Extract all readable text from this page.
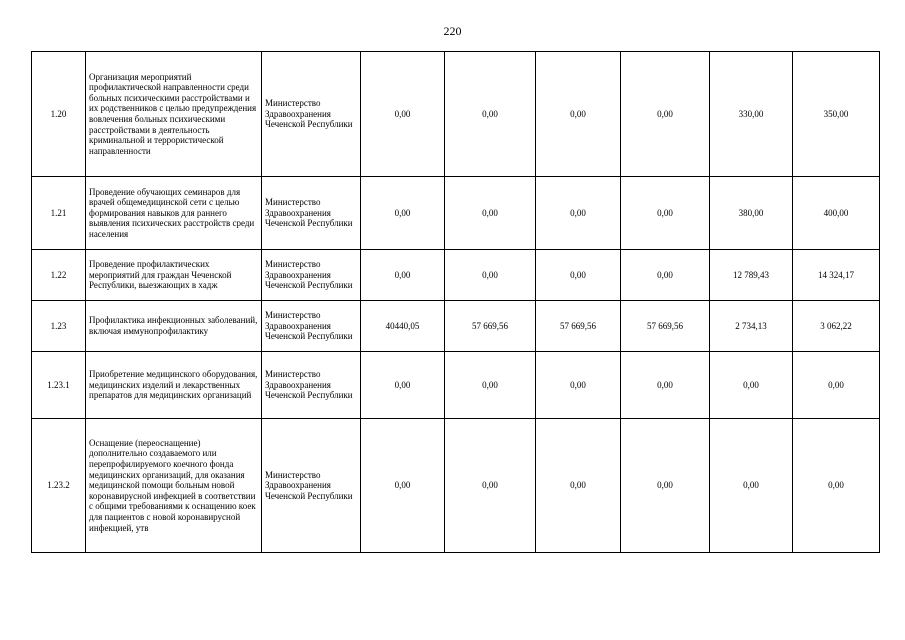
220
1.20	Организация мероприятий профилактической направленности среди больных психическими расстройствами и их родственников с целью предупреждения вовлечения больных психическими расстройствами в деятельность криминальной и террористической направленности	Министерство Здравоохранения Чеченской Республики	0,00	0,00	0,00	0,00	330,00	350,00
1.21	Проведение обучающих семинаров для врачей общемедицинской сети с целью формирования навыков для раннего выявления психических расстройств среди населения	Министерство Здравоохранения Чеченской Республики	0,00	0,00	0,00	0,00	380,00	400,00
1.22	Проведение профилактических мероприятий для граждан Чеченской Республики, выезжающих в хадж	Министерство Здравоохранения Чеченской Республики	0,00	0,00	0,00	0,00	12 789,43	14 324,17
1.23	Профилактика инфекционных заболеваний, включая иммунопрофилактику	Министерство Здравоохранения Чеченской Республики	40440,05	57 669,56	57 669,56	57 669,56	2 734,13	3 062,22
1.23.1	Приобретение медицинского оборудования, медицинских изделий и лекарственных препаратов для медицинских организаций	Министерство Здравоохранения Чеченской Республики	0,00	0,00	0,00	0,00	0,00	0,00
1.23.2	Оснащение (переоснащение) дополнительно создаваемого или перепрофилируемого коечного фонда медицинских организаций, для оказания медицинской помощи больным новой коронавирусной инфекцией в соответствии с общими требованиями к оснащению коек для пациентов с новой коронавирусной инфекцией, утв	Министерство Здравоохранения Чеченской Республики	0,00	0,00	0,00	0,00	0,00	0,00
